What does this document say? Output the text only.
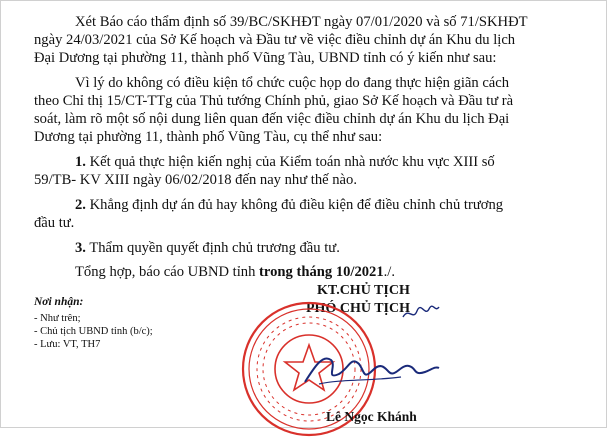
Xét Báo cáo thẩm định số 39/BC/SKHĐT ngày 07/01/2020 và số 71/SKHĐT
ngày 24/03/2021 của Sở Kế hoạch và Đầu tư về việc điều chỉnh dự án Khu du lịch
Đại Dương tại phường 11, thành phố Vũng Tàu, UBND tỉnh có ý kiến như sau:
Vì lý do không có điều kiện tổ chức cuộc họp do đang thực hiện giãn cách
theo Chỉ thị 15/CT-TTg của Thủ tướng Chính phủ, giao Sở Kế hoạch và Đầu tư rà
soát, làm rõ một số nội dung liên quan đến việc điều chỉnh dự án Khu du lịch Đại
Dương tại phường 11, thành phố Vũng Tàu, cụ thể như sau:
1. Kết quả thực hiện kiến nghị của Kiểm toán nhà nước khu vực XIII số
59/TB- KV XIII ngày 06/02/2018 đến nay như thế nào.
2. Khẳng định dự án đủ hay không đủ điều kiện để điều chỉnh chủ trương
đầu tư.
3. Thẩm quyền quyết định chủ trương đầu tư.
Tổng hợp, báo cáo UBND tỉnh trong tháng 10/2021./.
Nơi nhận:
- Như trên;
- Chủ tịch UBND tỉnh (b/c);
- Lưu: VT, TH7
KT.CHỦ TỊCH
PHÓ CHỦ TỊCH
Lê Ngọc Khánh
